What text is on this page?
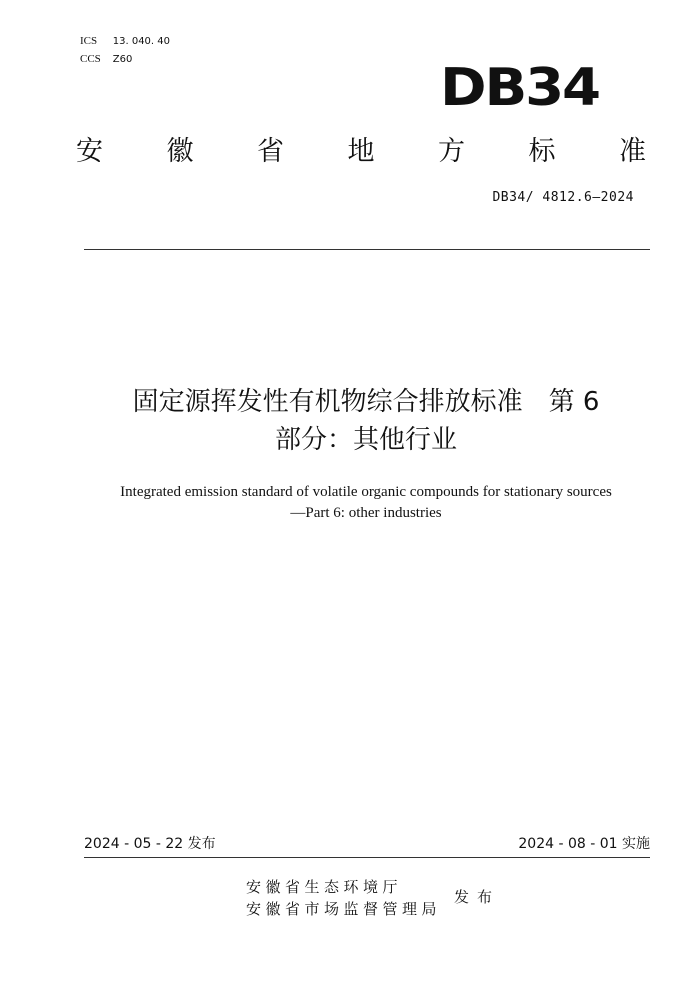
ICS 13. 040. 40
CCS Z60	DB34
安 徽 省 地 方 标 准
DB34/ 4812.6—2024
固定源挥发性有机物综合排放标准　第 6
部分：其他行业
Integrated emission standard of volatile organic compounds for stationary sources
—Part 6: other industries
2024 - 05 - 22 发布	2024 - 08 - 01 实施
安徽省生态环境厅
安徽省市场监督管理局
发布
